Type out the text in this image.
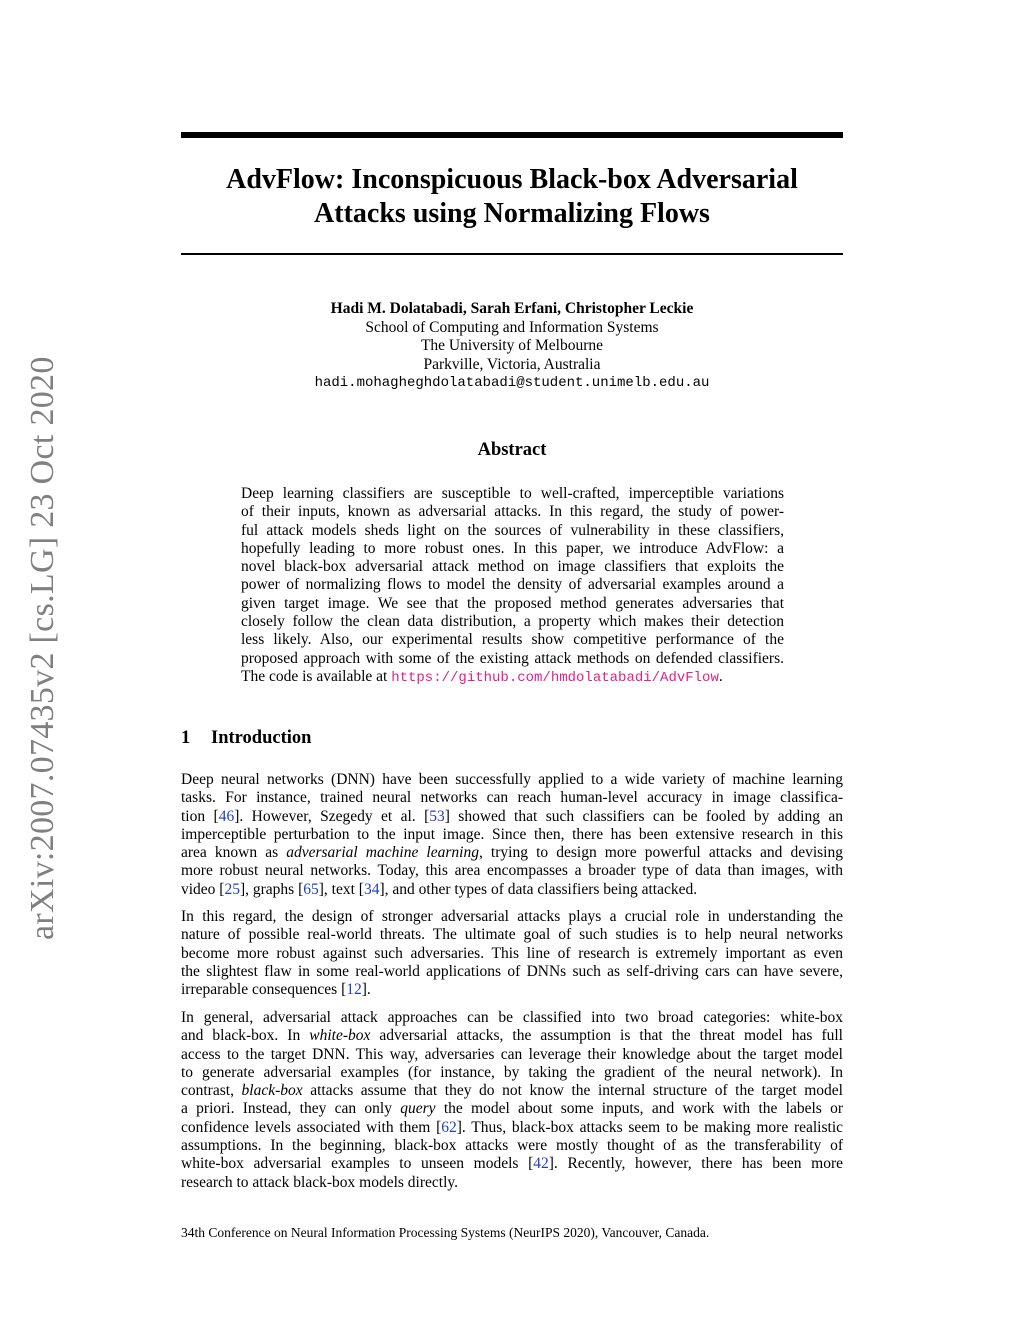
arXiv:2007.07435v2 [cs.LG] 23 Oct 2020
AdvFlow: Inconspicuous Black-box Adversarial
Attacks using Normalizing Flows
Hadi M. Dolatabadi, Sarah Erfani, Christopher Leckie
School of Computing and Information Systems
The University of Melbourne
Parkville, Victoria, Australia
hadi.mohagheghdolatabadi@student.unimelb.edu.au
Abstract
Deep learning classifiers are susceptible to well-crafted, imperceptible variations
of their inputs, known as adversarial attacks. In this regard, the study of power-
ful attack models sheds light on the sources of vulnerability in these classifiers,
hopefully leading to more robust ones. In this paper, we introduce AdvFlow: a
novel black-box adversarial attack method on image classifiers that exploits the
power of normalizing flows to model the density of adversarial examples around a
given target image. We see that the proposed method generates adversaries that
closely follow the clean data distribution, a property which makes their detection
less likely. Also, our experimental results show competitive performance of the
proposed approach with some of the existing attack methods on defended classifiers.
The code is available at https://github.com/hmdolatabadi/AdvFlow.
1 Introduction
Deep neural networks (DNN) have been successfully applied to a wide variety of machine learning
tasks. For instance, trained neural networks can reach human-level accuracy in image classifica-
tion [46]. However, Szegedy et al. [53] showed that such classifiers can be fooled by adding an
imperceptible perturbation to the input image. Since then, there has been extensive research in this
area known as adversarial machine learning, trying to design more powerful attacks and devising
more robust neural networks. Today, this area encompasses a broader type of data than images, with
video [25], graphs [65], text [34], and other types of data classifiers being attacked.
In this regard, the design of stronger adversarial attacks plays a crucial role in understanding the
nature of possible real-world threats. The ultimate goal of such studies is to help neural networks
become more robust against such adversaries. This line of research is extremely important as even
the slightest flaw in some real-world applications of DNNs such as self-driving cars can have severe,
irreparable consequences [12].
In general, adversarial attack approaches can be classified into two broad categories: white-box
and black-box. In white-box adversarial attacks, the assumption is that the threat model has full
access to the target DNN. This way, adversaries can leverage their knowledge about the target model
to generate adversarial examples (for instance, by taking the gradient of the neural network). In
contrast, black-box attacks assume that they do not know the internal structure of the target model
a priori. Instead, they can only query the model about some inputs, and work with the labels or
confidence levels associated with them [62]. Thus, black-box attacks seem to be making more realistic
assumptions. In the beginning, black-box attacks were mostly thought of as the transferability of
white-box adversarial examples to unseen models [42]. Recently, however, there has been more
research to attack black-box models directly.
34th Conference on Neural Information Processing Systems (NeurIPS 2020), Vancouver, Canada.
